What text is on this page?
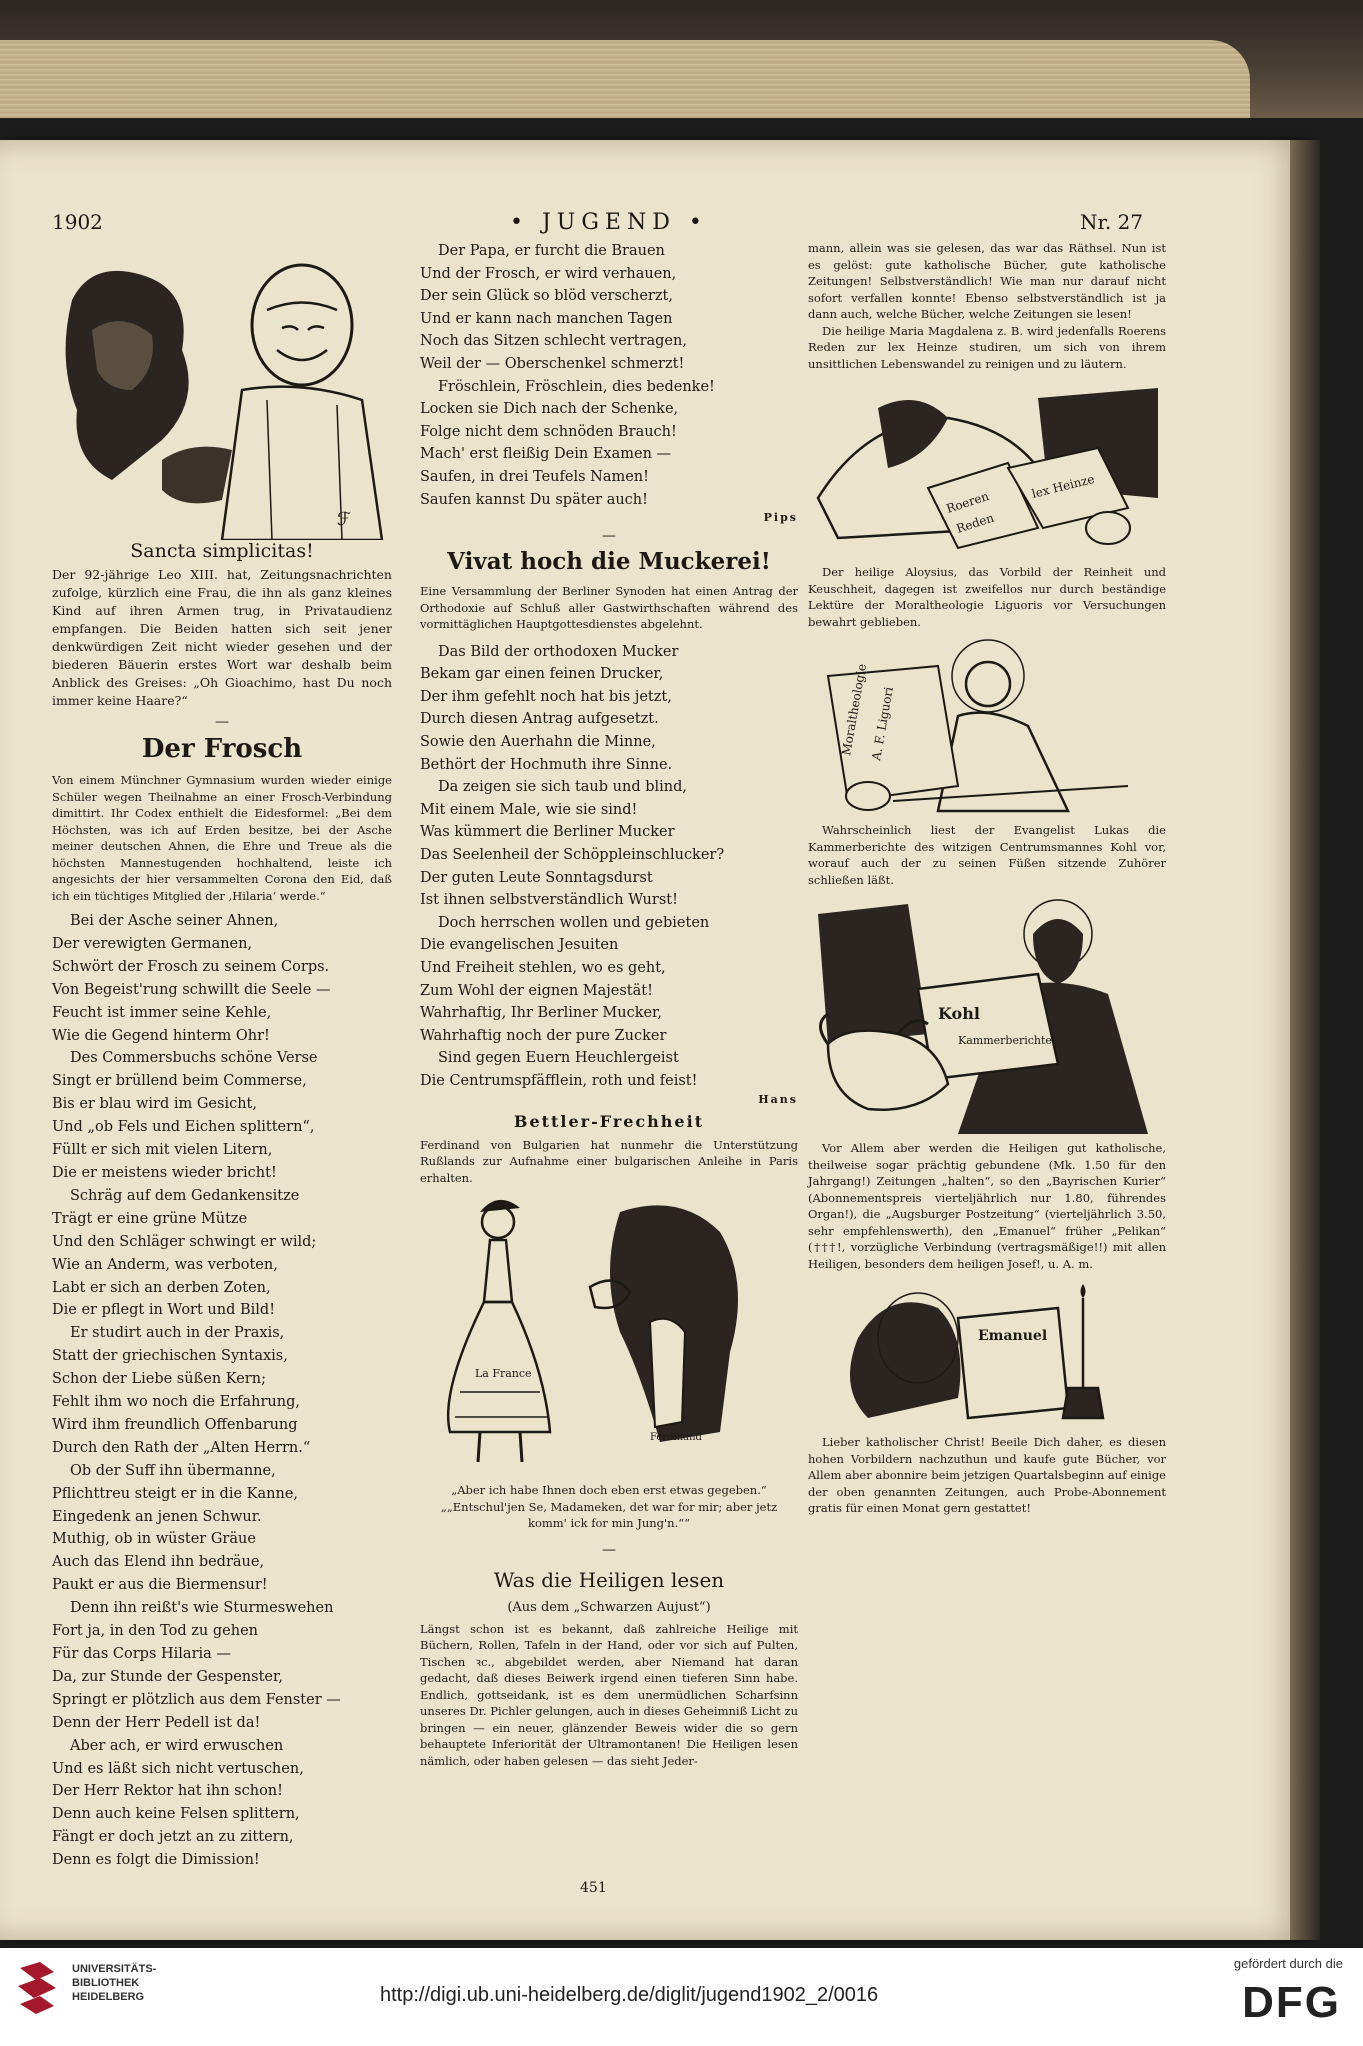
1902	• JUGEND •	Nr. 27
ℱ
Sancta simplicitas!

Der 92-jährige Leo XIII. hat, Zeitungsnachrichten zufolge, kürzlich eine Frau, die ihn als ganz kleines Kind auf ihren Armen trug, in Privataudienz empfangen. Die Beiden hatten sich seit jener denkwürdigen Zeit nicht wieder gesehen und der biederen Bäuerin erstes Wort war deshalb beim Anblick des Greises: „Oh Gioachimo, hast Du noch immer keine Haare?“

—
Der Frosch

Von einem Münchner Gymnasium wurden wieder einige Schüler wegen Theilnahme an einer Frosch-Verbindung dimittirt. Ihr Codex enthielt die Eidesformel: „Bei dem Höchsten, was ich auf Erden besitze, bei der Asche meiner deutschen Ahnen, die Ehre und Treue als die höchsten Mannestugenden hochhaltend, leiste ich angesichts der hier versammelten Corona den Eid, daß ich ein tüchtiges Mitglied der ‚Hilaria‘ werde.“

Bei der Asche seiner Ahnen,
Der verewigten Germanen,
Schwört der Frosch zu seinem Corps.
Von Begeist'rung schwillt die Seele —
Feucht ist immer seine Kehle,
Wie die Gegend hinterm Ohr!
Des Commersbuchs schöne Verse
Singt er brüllend beim Commerse,
Bis er blau wird im Gesicht,
Und „ob Fels und Eichen splittern“,
Füllt er sich mit vielen Litern,
Die er meistens wieder bricht!
Schräg auf dem Gedankensitze
Trägt er eine grüne Mütze
Und den Schläger schwingt er wild;
Wie an Anderm, was verboten,
Labt er sich an derben Zoten,
Die er pflegt in Wort und Bild!
Er studirt auch in der Praxis,
Statt der griechischen Syntaxis,
Schon der Liebe süßen Kern;
Fehlt ihm wo noch die Erfahrung,
Wird ihm freundlich Offenbarung
Durch den Rath der „Alten Herrn.“
Ob der Suff ihn übermanne,
Pflichttreu steigt er in die Kanne,
Eingedenk an jenen Schwur.
Muthig, ob in wüster Gräue
Auch das Elend ihn bedräue,
Paukt er aus die Biermensur!
Denn ihn reißt's wie Sturmeswehen
Fort ja, in den Tod zu gehen
Für das Corps Hilaria —
Da, zur Stunde der Gespenster,
Springt er plötzlich aus dem Fenster —
Denn der Herr Pedell ist da!
Aber ach, er wird erwuschen
Und es läßt sich nicht vertuschen,
Der Herr Rektor hat ihn schon!
Denn auch keine Felsen splittern,
Fängt er doch jetzt an zu zittern,
Denn es folgt die Dimission!
Der Papa, er furcht die Brauen
Und der Frosch, er wird verhauen,
Der sein Glück so blöd verscherzt,
Und er kann nach manchen Tagen
Noch das Sitzen schlecht vertragen,
Weil der — Oberschenkel schmerzt!
Fröschlein, Fröschlein, dies bedenke!
Locken sie Dich nach der Schenke,
Folge nicht dem schnöden Brauch!
Mach' erst fleißig Dein Examen —
Saufen, in drei Teufels Namen!
Saufen kannst Du später auch!

Pips

—
Vivat hoch die Muckerei!

Eine Versammlung der Berliner Synoden hat einen Antrag der Orthodoxie auf Schluß aller Gastwirthschaften während des vormittäglichen Hauptgottesdienstes abgelehnt.

Das Bild der orthodoxen Mucker
Bekam gar einen feinen Drucker,
Der ihm gefehlt noch hat bis jetzt,
Durch diesen Antrag aufgesetzt.
Sowie den Auerhahn die Minne,
Bethört der Hochmuth ihre Sinne.
Da zeigen sie sich taub und blind,
Mit einem Male, wie sie sind!
Was kümmert die Berliner Mucker
Das Seelenheil der Schöppleinschlucker?
Der guten Leute Sonntagsdurst
Ist ihnen selbstverständlich Wurst!
Doch herrschen wollen und gebieten
Die evangelischen Jesuiten
Und Freiheit stehlen, wo es geht,
Zum Wohl der eignen Majestät!
Wahrhaftig, Ihr Berliner Mucker,
Wahrhaftig noch der pure Zucker
Sind gegen Euern Heuchlergeist
Die Centrumspfäfflein, roth und feist!

Hans

Bettler-Frechheit

Ferdinand von Bulgarien hat nunmehr die Unterstützung Rußlands zur Aufnahme einer bulgarischen Anleihe in Paris erhalten.

La France
Ferdinand

„Aber ich habe Ihnen doch eben erst etwas gegeben.“ „„Entschul'jen Se, Madameken, det war for mir; aber jetz komm' ick for min Jung'n.““

—
Was die Heiligen lesen
(Aus dem „Schwarzen Aujust“)

Längst schon ist es bekannt, daß zahlreiche Heilige mit Büchern, Rollen, Tafeln in der Hand, oder vor sich auf Pulten, Tischen ꝛc., abgebildet werden, aber Niemand hat daran gedacht, daß dieses Beiwerk irgend einen tieferen Sinn habe. Endlich, gottseidank, ist es dem unermüdlichen Scharfsinn unseres Dr. Pichler gelungen, auch in dieses Geheimniß Licht zu bringen — ein neuer, glänzender Beweis wider die so gern behauptete Inferiorität der Ultramontanen! Die Heiligen lesen nämlich, oder haben gelesen — das sieht Jeder-

mann, allein was sie gelesen, das war das Räthsel. Nun ist es gelöst: gute katholische Bücher, gute katholische Zeitungen! Selbstverständlich! Wie man nur darauf nicht sofort verfallen konnte! Ebenso selbstverständlich ist ja dann auch, welche Bücher, welche Zeitungen sie lesen!

Die heilige Maria Magdalena z. B. wird jedenfalls Roerens Reden zur lex Heinze studiren, um sich von ihrem unsittlichen Lebenswandel zu reinigen und zu läutern.

Roeren
Reden
lex Heinze

Der heilige Aloysius, das Vorbild der Reinheit und Keuschheit, dagegen ist zweifellos nur durch beständige Lektüre der Moraltheologie Liguoris vor Versuchungen bewahrt geblieben.

Moraltheologie A. F. Liguori

Wahrscheinlich liest der Evangelist Lukas die Kammerberichte des witzigen Centrumsmannes Kohl vor, worauf auch der zu seinen Füßen sitzende Zuhörer schließen läßt.

Kohl
Kammerberichte

Vor Allem aber werden die Heiligen gut katholische, theilweise sogar prächtig gebundene (Mk. 1.50 für den Jahrgang!) Zeitungen „halten“, so den „Bayrischen Kurier“ (Abonnementspreis vierteljährlich nur 1.80, führendes Organ!), die „Augsburger Postzeitung“ (vierteljährlich 3.50, sehr empfehlenswerth), den „Emanuel“ früher „Pelikan“ (†††!, vorzügliche Verbindung (vertragsmäßige!!) mit allen Heiligen, besonders dem heiligen Josef!, u. A. m.

Emanuel

Lieber katholischer Christ! Beeile Dich daher, es diesen hohen Vorbildern nachzuthun und kaufe gute Bücher, vor Allem aber abonnire beim jetzigen Quartalsbeginn auf einige der oben genannten Zeitungen, auch Probe-Abonnement gratis für einen Monat gern gestattet!

451
UNIVERSITÄTS-
BIBLIOTHEK
HEIDELBERG	http://digi.ub.uni-heidelberg.de/diglit/jugend1902_2/0016
gefördert durch die
DFG
